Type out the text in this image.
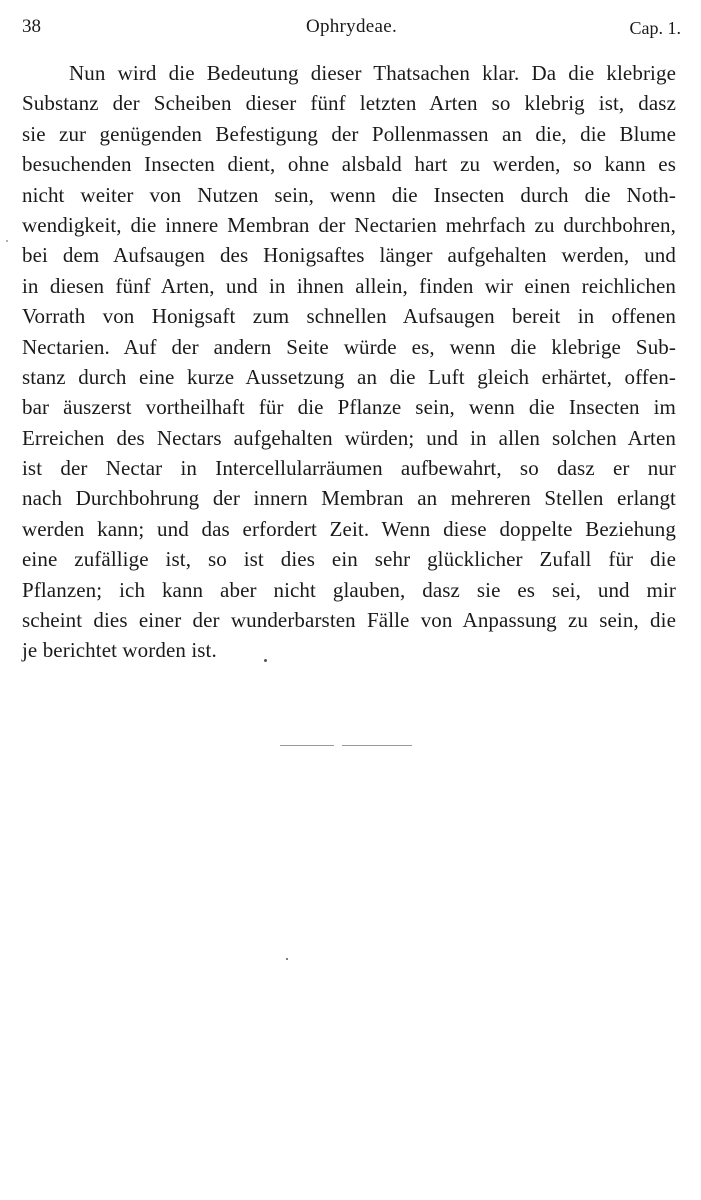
38	Ophrydeae.	Cap. 1.
Nun wird die Bedeutung dieser Thatsachen klar. Da die klebrige
Substanz der Scheiben dieser fünf letzten Arten so klebrig ist, dasz
sie zur genügenden Befestigung der Pollenmassen an die, die Blume
besuchenden Insecten dient, ohne alsbald hart zu werden, so kann es
nicht weiter von Nutzen sein, wenn die Insecten durch die Noth-
wendigkeit, die innere Membran der Nectarien mehrfach zu durchbohren,
bei dem Aufsaugen des Honigsaftes länger aufgehalten werden, und
in diesen fünf Arten, und in ihnen allein, finden wir einen reichlichen
Vorrath von Honigsaft zum schnellen Aufsaugen bereit in offenen
Nectarien. Auf der andern Seite würde es, wenn die klebrige Sub-
stanz durch eine kurze Aussetzung an die Luft gleich erhärtet, offen-
bar äuszerst vortheilhaft für die Pflanze sein, wenn die Insecten im
Erreichen des Nectars aufgehalten würden; und in allen solchen Arten
ist der Nectar in Intercellularräumen aufbewahrt, so dasz er nur
nach Durchbohrung der innern Membran an mehreren Stellen erlangt
werden kann; und das erfordert Zeit. Wenn diese doppelte Beziehung
eine zufällige ist, so ist dies ein sehr glücklicher Zufall für die
Pflanzen; ich kann aber nicht glauben, dasz sie es sei, und mir
scheint dies einer der wunderbarsten Fälle von Anpassung zu sein, die
je berichtet worden ist.
